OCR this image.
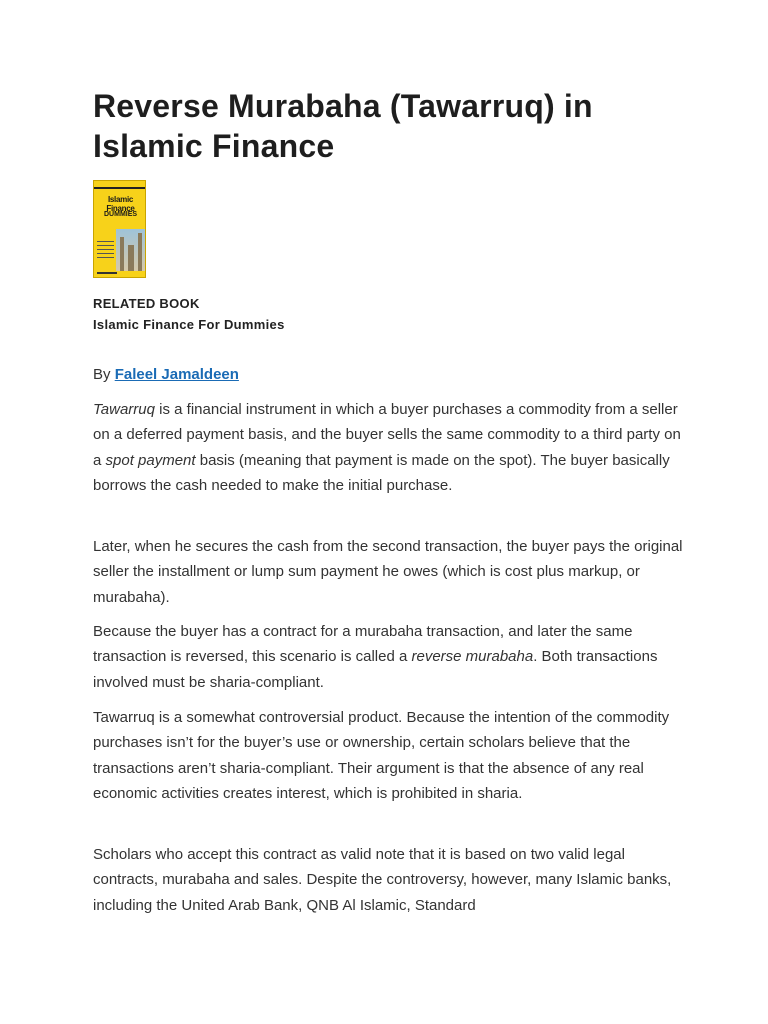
Reverse Murabaha (Tawarruq) in Islamic Finance
Islamic Finance
DUMMIES
RELATED BOOK
Islamic Finance For Dummies
By Faleel Jamaldeen

Tawarruq is a financial instrument in which a buyer purchases a commodity from a seller on a deferred payment basis, and the buyer sells the same commodity to a third party on a spot payment basis (meaning that payment is made on the spot). The buyer basically borrows the cash needed to make the initial purchase.

Later, when he secures the cash from the second transaction, the buyer pays the original seller the installment or lump sum payment he owes (which is cost plus markup, or murabaha).

Because the buyer has a contract for a murabaha transaction, and later the same transaction is reversed, this scenario is called a reverse murabaha. Both transactions involved must be sharia-compliant.

Tawarruq is a somewhat controversial product. Because the intention of the commodity purchases isn’t for the buyer’s use or ownership, certain scholars believe that the transactions aren’t sharia-compliant. Their argument is that the absence of any real economic activities creates interest, which is prohibited in sharia.

Scholars who accept this contract as valid note that it is based on two valid legal contracts, murabaha and sales. Despite the controversy, however, many Islamic banks, including the United Arab Bank, QNB Al Islamic, Standard
